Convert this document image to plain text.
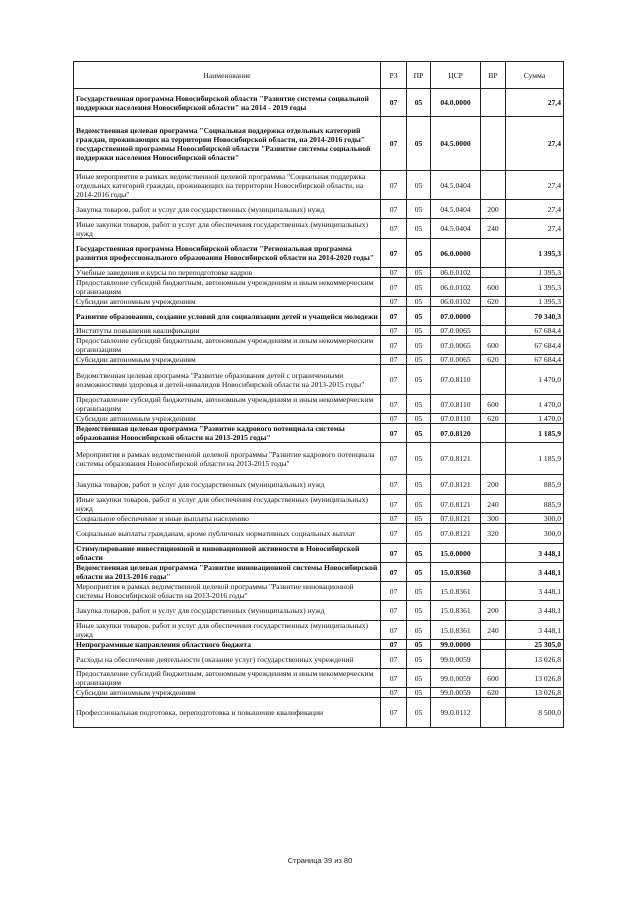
Наименование	РЗ	ПР	ЦСР	ВР	Сумма
Государственная программа Новосибирской области "Развитие системы социальной поддержки населения Новосибирской области" на 2014 - 2019 годы	07	05	04.0.0000		27,4
Ведомственная целевая программа "Социальная поддержка отдельных категорий граждан, проживающих на территории Новосибирской области, на 2014-2016 годы" государственной программы Новосибирской области "Развитие системы социальной поддержки населения Новосибирской области"	07	05	04.5.0000		27,4
Иные мероприятия в рамках ведомственной целевой программы "Социальная поддержка отдельных категорий граждан, проживающих на территории Новосибирской области, на 2014-2016 годы"	07	05	04.5.0404		27,4
Закупка товаров, работ и услуг для государственных (муниципальных) нужд	07	05	04.5.0404	200	27,4
Иные закупки товаров, работ и услуг для обеспечения государственных (муниципальных) нужд	07	05	04.5.0404	240	27,4
Государственная программа Новосибирской области "Региональная программа развития профессионального образования Новосибирской области на 2014-2020 годы"	07	05	06.0.0000		1 395,3
Учебные заведения и курсы по переподготовке кадров	07	05	06.0.0102		1 395,3
Предоставление субсидий бюджетным, автономным учреждениям и иным некоммерческим организациям	07	05	06.0.0102	600	1 395,3
Субсидии автономным учреждениям	07	05	06.0.0102	620	1 395,3
Развитие образования, создание условий для социализации детей и учащейся молодежи	07	05	07.0.0000		70 340,3
Институты повышения квалификации	07	05	07.0.0065		67 684,4
Предоставление субсидий бюджетным, автономным учреждениям и иным некоммерческим организациям	07	05	07.0.0065	600	67 684,4
Субсидии автономным учреждениям	07	05	07.0.0065	620	67 684,4
Ведомственная целевая программа "Развитие образования детей с ограниченными возможностями здоровья и детей-инвалидов Новосибирской области на 2013-2015 годы"	07	05	07.0.8110		1 470,0
Предоставление субсидий бюджетным, автономным учреждениям и иным некоммерческим организациям	07	05	07.0.8110	600	1 470,0
Субсидии автономным учреждениям	07	05	07.0.8110	620	1 470,0
Ведомственная целевая программа "Развитие кадрового потенциала системы образования Новосибирской области на 2013-2015 годы"	07	05	07.0.8120		1 185,9
Мероприятия в рамках ведомственной целевой программы "Развитие кадрового потенциала системы образования Новосибирской области на 2013-2015 годы"	07	05	07.0.8121		1 185,9
Закупка товаров, работ и услуг для государственных (муниципальных) нужд	07	05	07.0.8121	200	885,9
Иные закупки товаров, работ и услуг для обеспечения государственных (муниципальных) нужд	07	05	07.0.8121	240	885,9
Социальное обеспечение и иные выплаты населению	07	05	07.0.8121	300	300,0
Социальные выплаты гражданам, кроме публичных нормативных социальных выплат	07	05	07.0.8121	320	300,0
Стимулирование инвестиционной и инновационной активности в Новосибирской области	07	05	15.0.0000		3 448,1
Ведомственная целевая программа "Развитие инновационной системы Новосибирской области на 2013-2016 годы"	07	05	15.0.8360		3 448,1
Мероприятия в рамках ведомственной целевой программы "Развитие инновационной системы Новосибирской области на 2013-2016 годы"	07	05	15.0.8361		3 448,1
Закупка товаров, работ и услуг для государственных (муниципальных) нужд	07	05	15.0.8361	200	3 448,1
Иные закупки товаров, работ и услуг для обеспечения государственных (муниципальных) нужд	07	05	15.0.8361	240	3 448,1
Непрограммные направления областного бюджета	07	05	99.0.0000		25 305,0
Расходы на обеспечение деятельности (оказание услуг) государственных учреждений	07	05	99.0.0059		13 026,8
Предоставление субсидий бюджетным, автономным учреждениям и иным некоммерческим организациям	07	05	99.0.0059	600	13 026,8
Субсидии автономным учреждениям	07	05	99.0.0059	620	13 026,8
Профессиональная подготовка, переподготовка и повышение квалификации	07	05	99.0.0112		8 500,0
Страница 39 из 80
